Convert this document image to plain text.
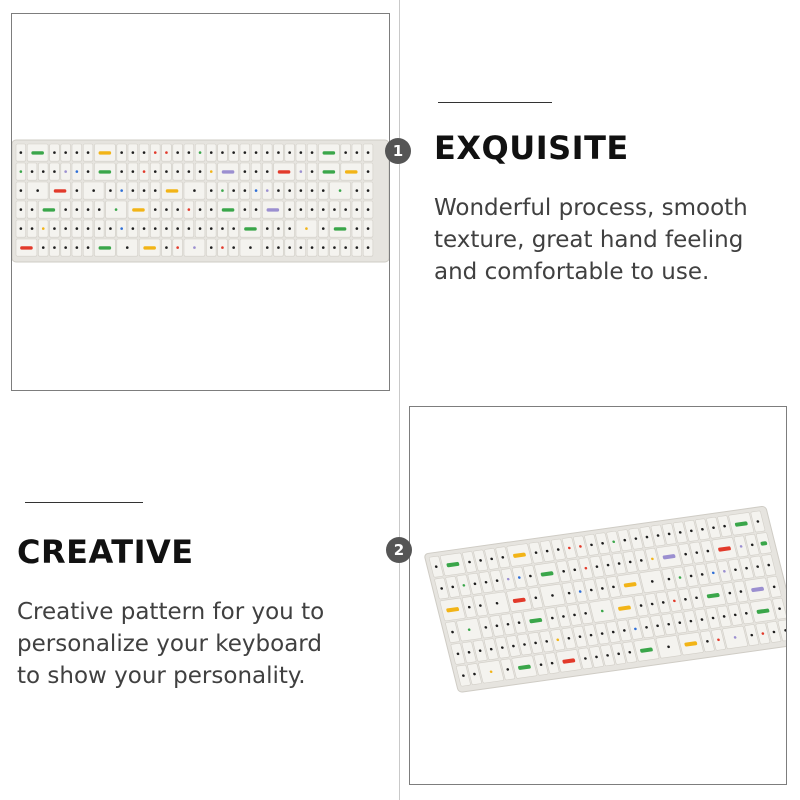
1 EXQUISITE
Wonderful process, smooth
texture, great hand feeling
and comfortable to use.
2
CREATIVE
Creative pattern for you to
personalize your keyboard
to show your personality.
